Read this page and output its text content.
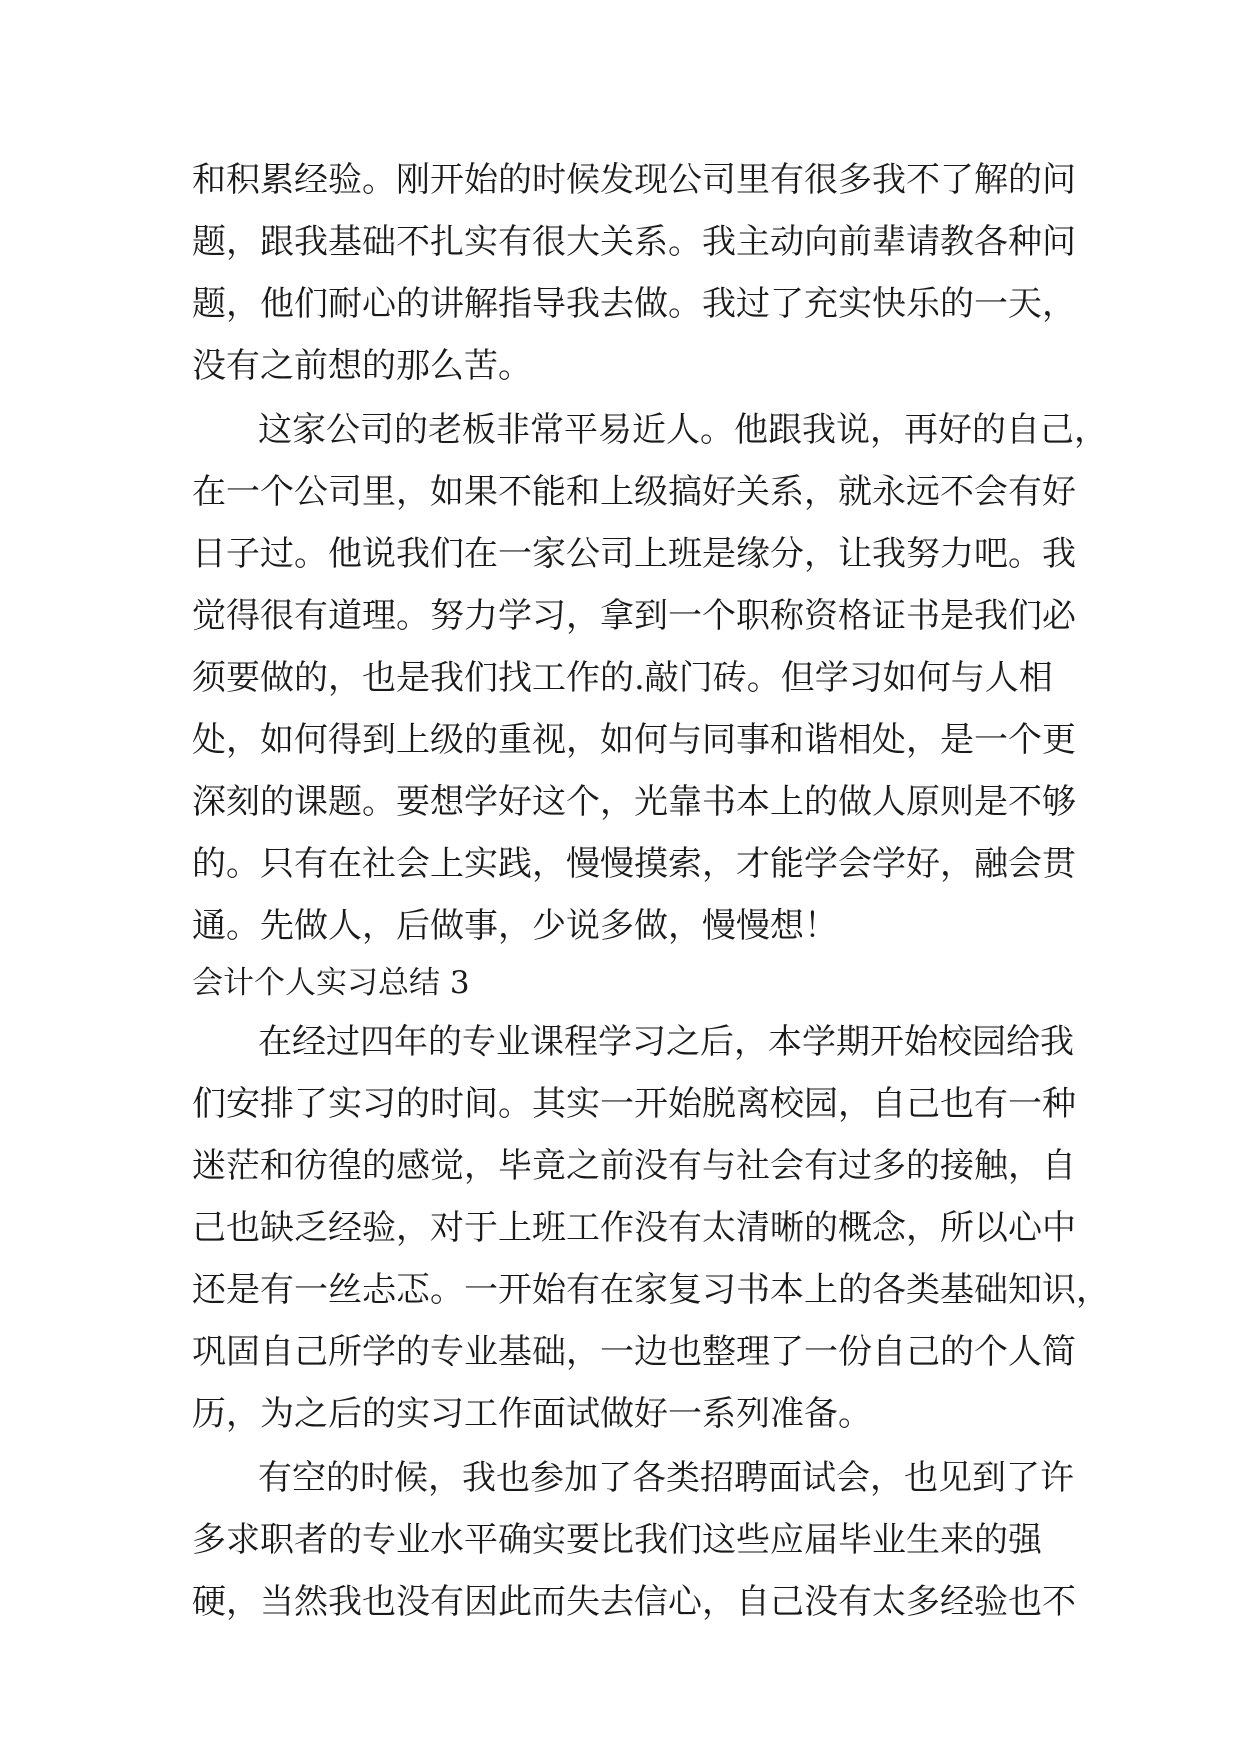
和积累经验。刚开始的时候发现公司里有很多我不了解的问
题，跟我基础不扎实有很大关系。我主动向前辈请教各种问
题，他们耐心的讲解指导我去做。我过了充实快乐的一天，
没有之前想的那么苦。
这家公司的老板非常平易近人。他跟我说，再好的自己，
在一个公司里，如果不能和上级搞好关系，就永远不会有好
日子过。他说我们在一家公司上班是缘分，让我努力吧。我
觉得很有道理。努力学习，拿到一个职称资格证书是我们必
须要做的，也是我们找工作的.敲门砖。但学习如何与人相
处，如何得到上级的重视，如何与同事和谐相处，是一个更
深刻的课题。要想学好这个，光靠书本上的做人原则是不够
的。只有在社会上实践，慢慢摸索，才能学会学好，融会贯
通。先做人，后做事，少说多做，慢慢想！
会计个人实习总结 3
在经过四年的专业课程学习之后，本学期开始校园给我
们安排了实习的时间。其实一开始脱离校园，自己也有一种
迷茫和彷徨的感觉，毕竟之前没有与社会有过多的接触，自
己也缺乏经验，对于上班工作没有太清晰的概念，所以心中
还是有一丝忐忑。一开始有在家复习书本上的各类基础知识，
巩固自己所学的专业基础，一边也整理了一份自己的个人简
历，为之后的实习工作面试做好一系列准备。
有空的时候，我也参加了各类招聘面试会，也见到了许
多求职者的专业水平确实要比我们这些应届毕业生来的强
硬，当然我也没有因此而失去信心，自己没有太多经验也不
